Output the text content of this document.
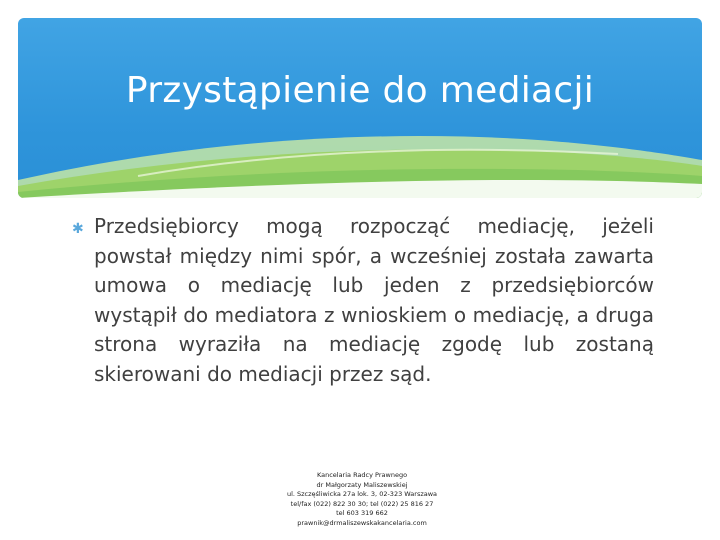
Przystąpienie do mediacji
✱ Przedsiębiorcy mogą rozpocząć mediację, jeżeli powstał między nimi spór, a wcześniej została zawarta umowa o mediację lub jeden z przedsiębiorców wystąpił do mediatora z wnioskiem o mediację, a druga strona wyraziła na mediację zgodę lub zostaną skierowani do mediacji przez sąd.
Kancelaria Radcy Prawnego
dr Małgorzaty Maliszewskiej
ul. Szczęśliwicka 27a lok. 3, 02-323 Warszawa
tel/fax (022) 822 30 30; tel (022) 25 816 27
tel 603 319 662
prawnik@drmaliszewskakancelaria.com
